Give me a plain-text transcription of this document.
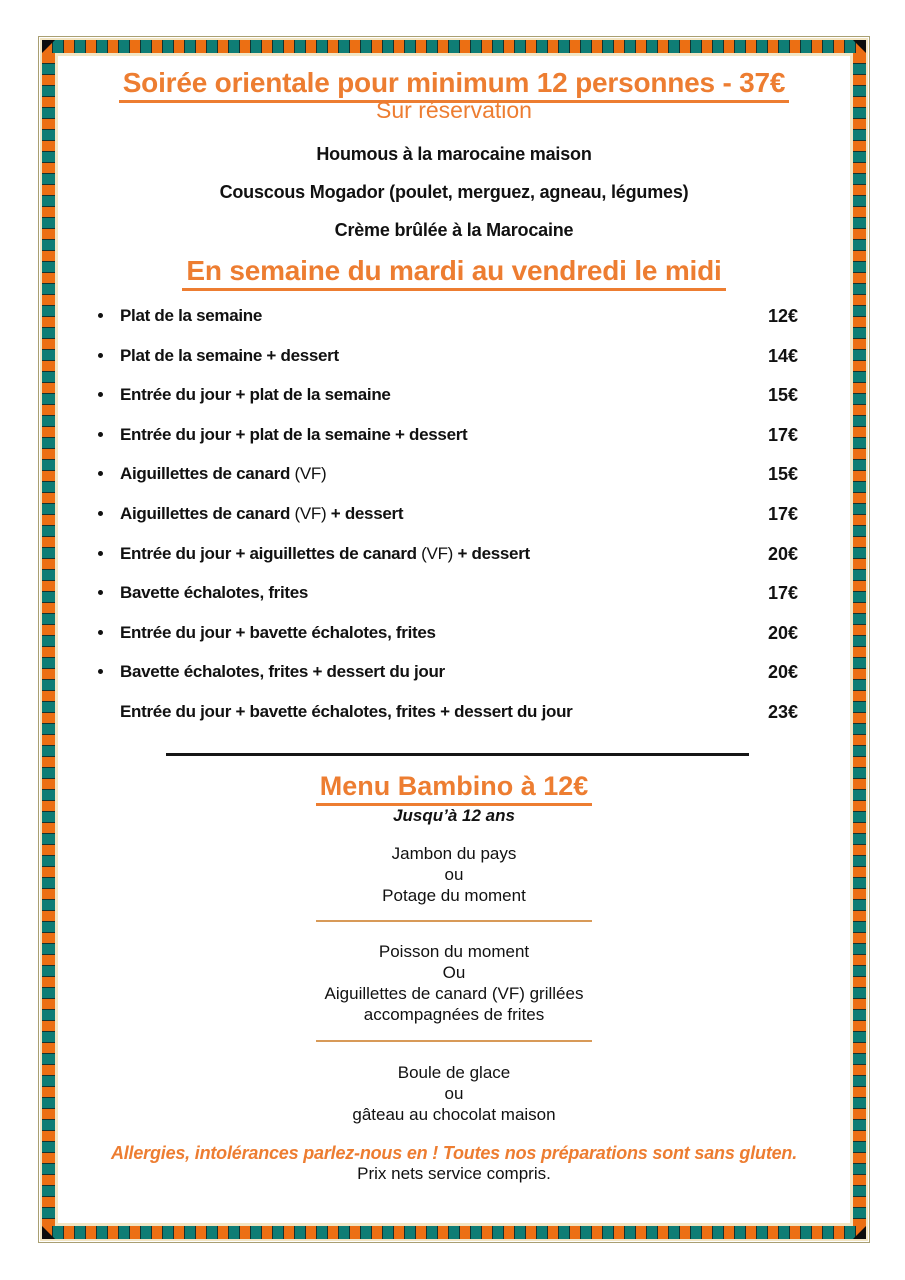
Soirée orientale pour minimum 12 personnes - 37€
Sur réservation

Houmous à la marocaine maison

Couscous Mogador (poulet, merguez, agneau, légumes)

Crème brûlée à la Marocaine

En semaine du mardi au vendredi le midi
Plat de la semaine	12€
Plat de la semaine + dessert	14€
Entrée du jour + plat de la semaine	15€
Entrée du jour + plat de la semaine + dessert	17€
Aiguillettes de canard (VF)	15€
Aiguillettes de canard (VF) + dessert	17€
Entrée du jour + aiguillettes de canard (VF) + dessert	20€
Bavette échalotes, frites	17€
Entrée du jour + bavette échalotes, frites	20€
Bavette échalotes, frites + dessert du jour	20€
Entrée du jour + bavette échalotes, frites + dessert du jour	23€
Menu Bambino à 12€
Jusqu’à 12 ans
Jambon du pays
ou
Potage du moment
Poisson du moment
Ou
Aiguillettes de canard (VF) grillées
accompagnées de frites
Boule de glace
ou
gâteau au chocolat maison
Allergies, intolérances parlez-nous en ! Toutes nos préparations sont sans gluten.
Prix nets service compris.
